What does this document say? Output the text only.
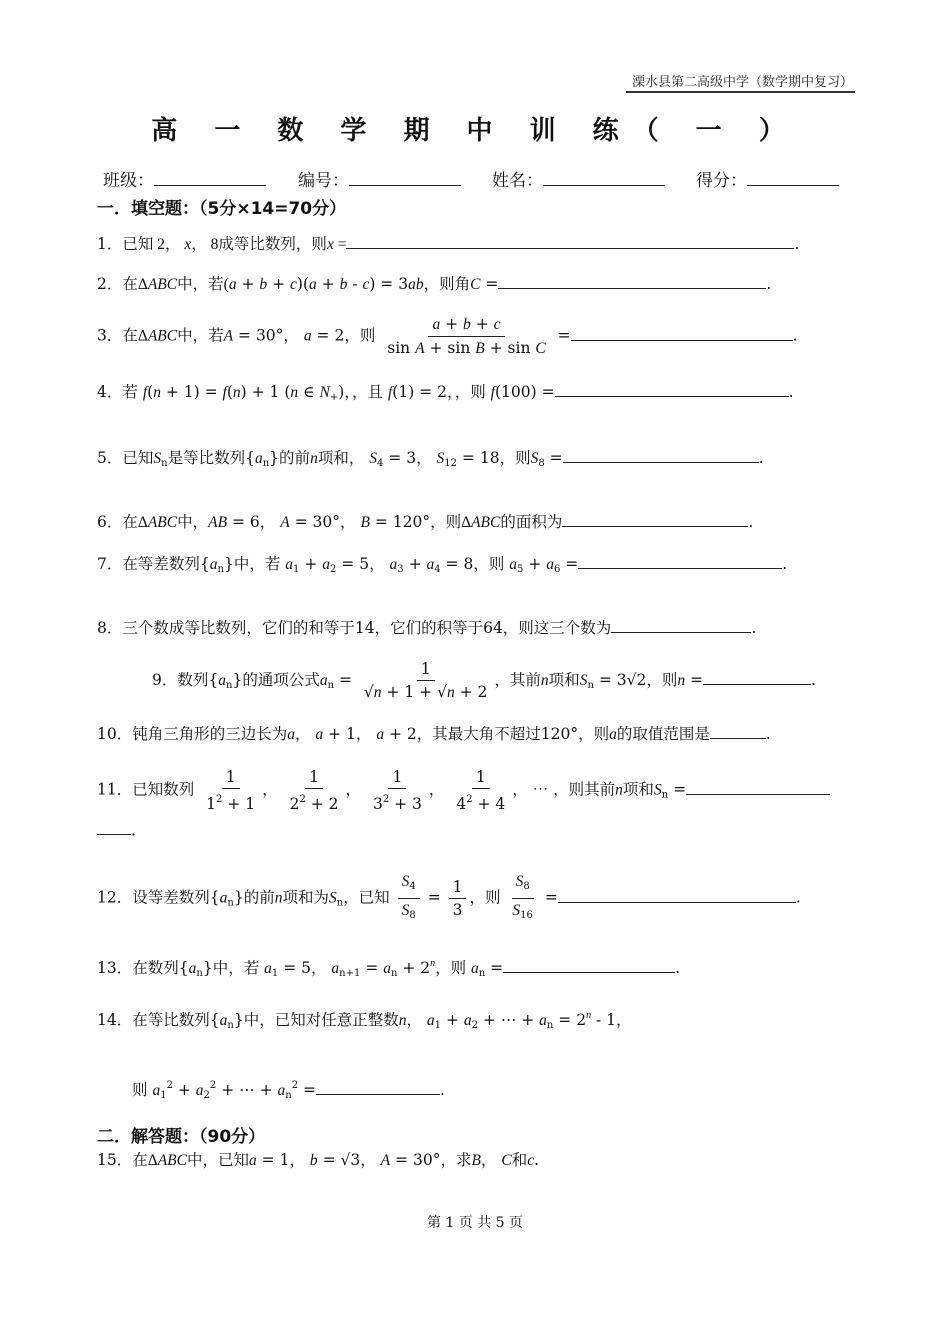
溧水县第二高级中学（数学期中复习）
高 一 数 学 期 中 训 练（ 一 ）
班级：	编号：	姓名：	得分：
一．填空题：（5分×14=70分）
1．已知 2， x， 8成等比数列，则x =	.
2．在ΔABC中，若(a + b + c)(a + b - c) = 3ab，则角C =	.
3．在ΔABC中，若A = 30°， a = 2，则 $\frac{a + b + c}{\text{sin A + sin B + sin C}}$ =	.
4．若 f(n + 1) = f(n) + 1 (n ∈ $N_+$)，，且 f(1) = 2，，则 f(100) =	.
5．已知$S_n$是等比数列$\{a_n\}$的前n项和， $S_4 = 3$， $S_{12} = 18$，则$S_8$ =	.
6．在ΔABC中，AB = 6， A = 30°， B = 120°，则ΔABC的面积为	.
7．在等差数列$\{a_n\}$中，若 $a_1 + a_2 = 5$， $a_3 + a_4 = 8$，则 $a_5 + a_6$ =	.
8．三个数成等比数列，它们的和等于14，它们的积等于64，则这三个数为	.
9．数列$\{a_n\}$的通项公式$a_n = \frac{1}{√n + 1 + √n + 2}$ ，其前n项和$S_n = 3√2$，则n =	.
10．钝角三角形的三边长为a， a + 1， a + 2，其最大角不超过120°，则a的取值范围是	.
11．已知数列 $\frac{1}{1^2 + 1}$ ， $\frac{1}{2^2 + 2}$ ， $\frac{1}{3^2 + 3}$ ， $\frac{1}{4^2 + 4}$ ， ⋯ ，则其前n项和$S_n$ =
．
12．设等差数列$\{a_n\}$的前n项和为$S_n$，已知 $\frac{S_4}{S_8} = \frac{1}{3}$ ，则 $\frac{S_8}{S_{16}}$ =	.
13．在数列$\{a_n\}$中，若 $a_1 = 5$， $a_{n+1} = a_n + 2^n$，则 $a_n$ =	.
14．在等比数列$\{a_n\}$中，已知对任意正整数n， $a_1 + a_2$ + ⋯ + $a_n = 2^n - 1$，
则 $a_1^2 + a_2^2$ + ⋯ + $a_n^2$ =	.
二．解答题：（90分）
15．在ΔABC中，已知a = 1， b = √3， A = 30°，求B， C和c.
第 1 页 共 5 页
